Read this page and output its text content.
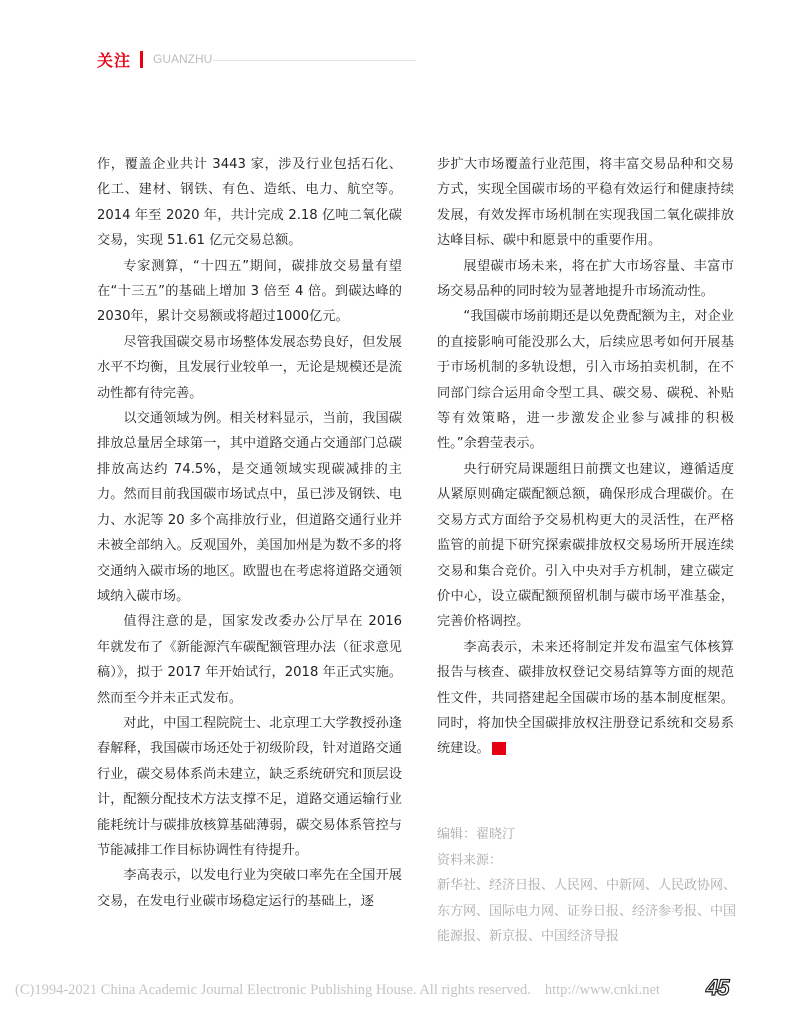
关注 GUANZHU

作，覆盖企业共计 3443 家，涉及行业包括石化、化工、建材、钢铁、有色、造纸、电力、航空等。2014 年至 2020 年，共计完成 2.18 亿吨二氧化碳交易，实现 51.61 亿元交易总额。

专家测算，“十四五”期间，碳排放交易量有望在“十三五”的基础上增加 3 倍至 4 倍。到碳达峰的2030年，累计交易额或将超过1000亿元。

尽管我国碳交易市场整体发展态势良好，但发展水平不均衡，且发展行业较单一，无论是规模还是流动性都有待完善。

以交通领域为例。相关材料显示，当前，我国碳排放总量居全球第一，其中道路交通占交通部门总碳排放高达约 74.5%，是交通领域实现碳减排的主力。然而目前我国碳市场试点中，虽已涉及钢铁、电力、水泥等 20 多个高排放行业，但道路交通行业并未被全部纳入。反观国外，美国加州是为数不多的将交通纳入碳市场的地区。欧盟也在考虑将道路交通领域纳入碳市场。

值得注意的是，国家发改委办公厅早在 2016 年就发布了《新能源汽车碳配额管理办法（征求意见稿）》，拟于 2017 年开始试行，2018 年正式实施。然而至今并未正式发布。

对此，中国工程院院士、北京理工大学教授孙逢春解释，我国碳市场还处于初级阶段，针对道路交通行业，碳交易体系尚未建立，缺乏系统研究和顶层设计，配额分配技术方法支撑不足，道路交通运输行业能耗统计与碳排放核算基础薄弱，碳交易体系管控与节能减排工作目标协调性有待提升。

李高表示，以发电行业为突破口率先在全国开展交易，在发电行业碳市场稳定运行的基础上，逐

步扩大市场覆盖行业范围，将丰富交易品种和交易方式，实现全国碳市场的平稳有效运行和健康持续发展，有效发挥市场机制在实现我国二氧化碳排放达峰目标、碳中和愿景中的重要作用。

展望碳市场未来，将在扩大市场容量、丰富市场交易品种的同时较为显著地提升市场流动性。

“我国碳市场前期还是以免费配额为主，对企业的直接影响可能没那么大，后续应思考如何开展基于市场机制的多轨设想，引入市场拍卖机制，在不同部门综合运用命令型工具、碳交易、碳税、补贴等有效策略，进一步激发企业参与减排的积极性。”余碧莹表示。

央行研究局课题组日前撰文也建议，遵循适度从紧原则确定碳配额总额，确保形成合理碳价。在交易方式方面给予交易机构更大的灵活性，在严格监管的前提下研究探索碳排放权交易场所开展连续交易和集合竞价。引入中央对手方机制，建立碳定价中心，设立碳配额预留机制与碳市场平准基金，完善价格调控。

李高表示，未来还将制定并发布温室气体核算报告与核查、碳排放权登记交易结算等方面的规范性文件，共同搭建起全国碳市场的基本制度框架。同时，将加快全国碳排放权注册登记系统和交易系统建设。	E

编辑：翟晓汀
资料来源：
新华社、经济日报、人民网、中新网、人民政协网、东方网、国际电力网、证券日报、经济参考报、中国能源报、新京报、中国经济导报
(C)1994-2021 China Academic Journal Electronic Publishing House. All rights reserved. http://www.cnki.net 45
